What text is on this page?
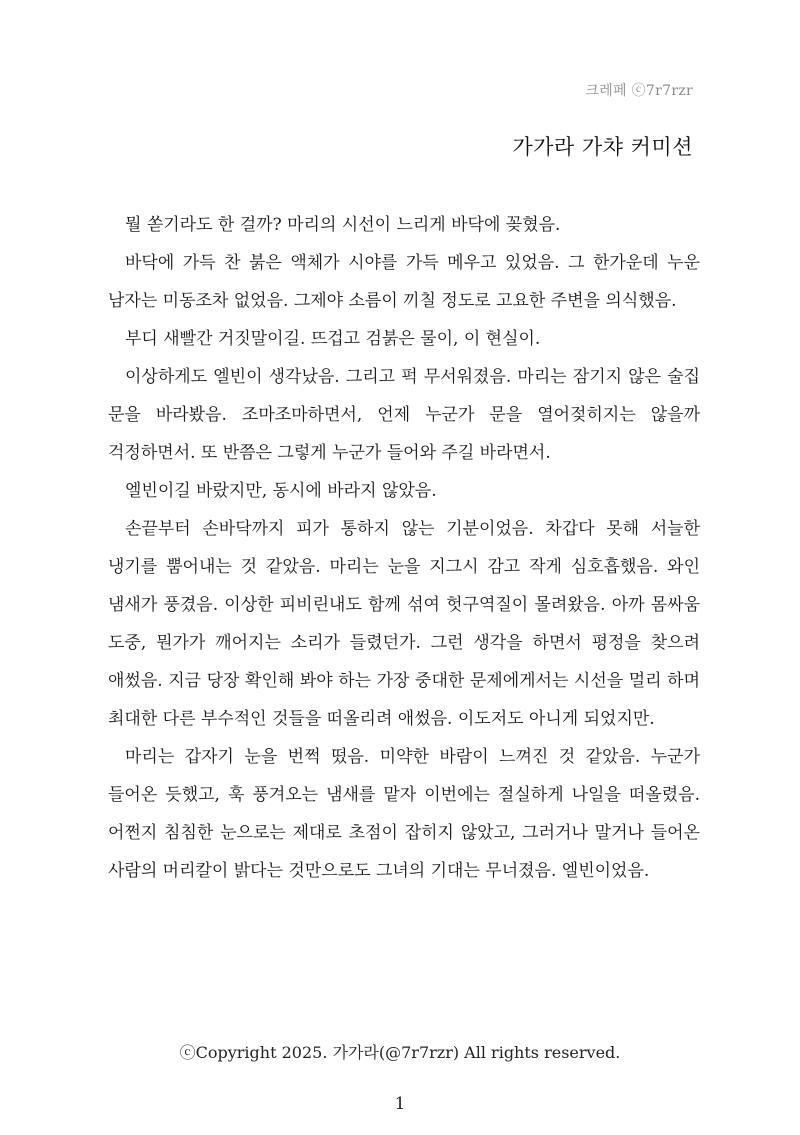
크레페 ⓒ7r7rzr
가가라 가챠 커미션

뭘 쏟기라도 한 걸까? 마리의 시선이 느리게 바닥에 꽂혔음.

바닥에 가득 찬 붉은 액체가 시야를 가득 메우고 있었음. 그 한가운데 누운 남자는 미동조차 없었음. 그제야 소름이 끼칠 정도로 고요한 주변을 의식했음.

부디 새빨간 거짓말이길. 뜨겁고 검붉은 물이, 이 현실이.

이상하게도 엘빈이 생각났음. 그리고 퍽 무서워졌음. 마리는 잠기지 않은 술집 문을 바라봤음. 조마조마하면서, 언제 누군가 문을 열어젖히지는 않을까 걱정하면서. 또 반쯤은 그렇게 누군가 들어와 주길 바라면서.

엘빈이길 바랐지만, 동시에 바라지 않았음.

손끝부터 손바닥까지 피가 통하지 않는 기분이었음. 차갑다 못해 서늘한 냉기를 뿜어내는 것 같았음. 마리는 눈을 지그시 감고 작게 심호흡했음. 와인 냄새가 풍겼음. 이상한 피비린내도 함께 섞여 헛구역질이 몰려왔음. 아까 몸싸움 도중, 뭔가가 깨어지는 소리가 들렸던가. 그런 생각을 하면서 평정을 찾으려 애썼음. 지금 당장 확인해 봐야 하는 가장 중대한 문제에게서는 시선을 멀리 하며 최대한 다른 부수적인 것들을 떠올리려 애썼음. 이도저도 아니게 되었지만.

마리는 갑자기 눈을 번쩍 떴음. 미약한 바람이 느껴진 것 같았음. 누군가 들어온 듯했고, 훅 풍겨오는 냄새를 맡자 이번에는 절실하게 나일을 떠올렸음. 어쩐지 침침한 눈으로는 제대로 초점이 잡히지 않았고, 그러거나 말거나 들어온 사람의 머리칼이 밝다는 것만으로도 그녀의 기대는 무너졌음. 엘빈이었음.

ⓒCopyright 2025. 가가라(@7r7rzr) All rights reserved.
1
